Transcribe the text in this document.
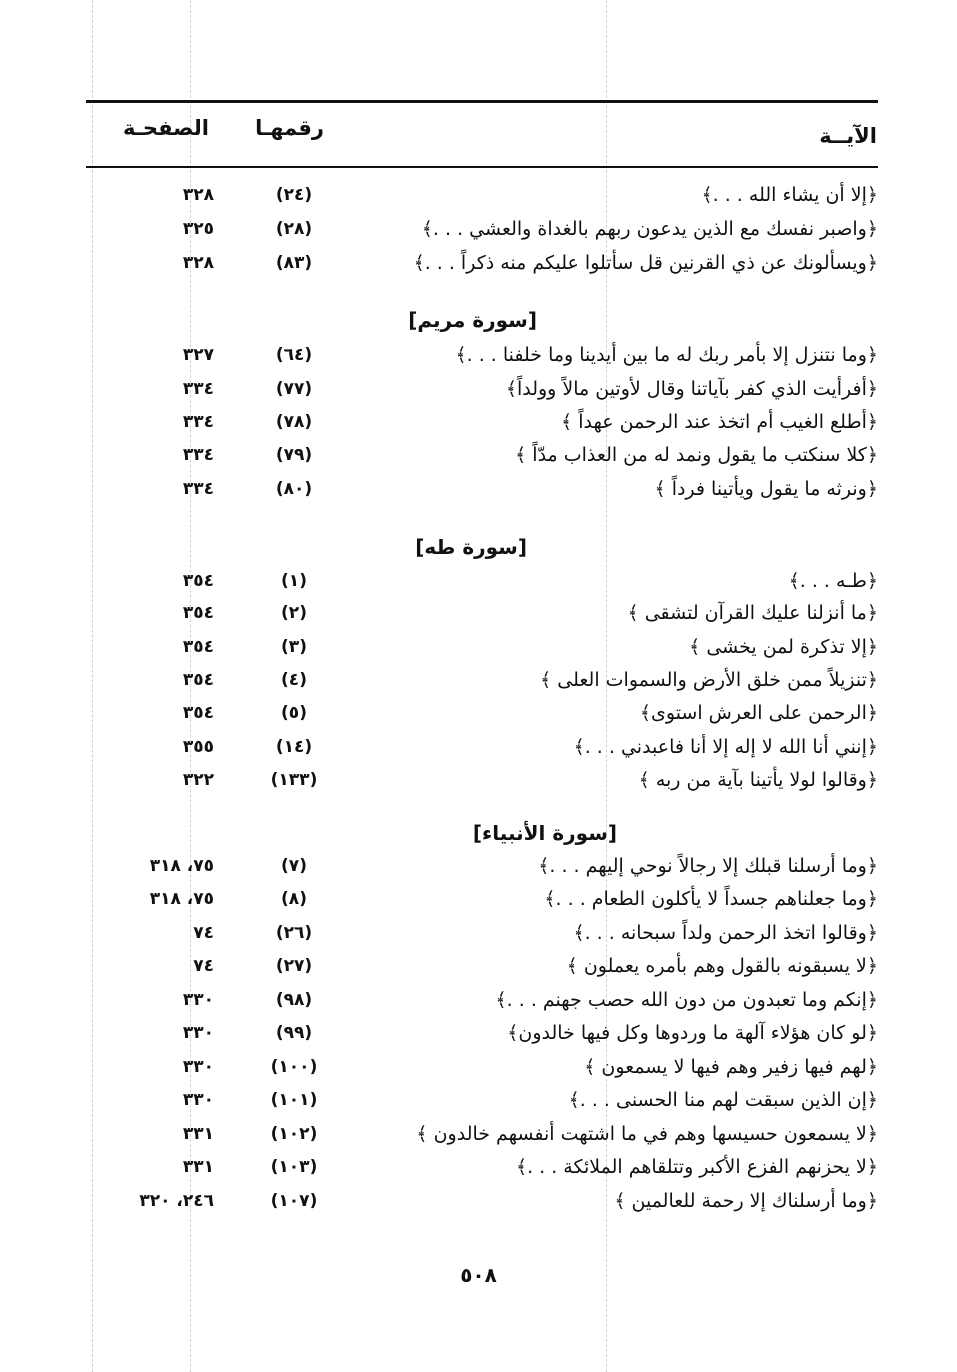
الآيــة
رقمهـا
الصفحـة
﴿إلا أن يشاء الله . . .﴾
(٢٤)
٣٢٨
﴿واصبر نفسك مع الذين يدعون ربهم بالغداة والعشي . . .﴾
(٢٨)
٣٢٥
﴿ويسألونك عن ذي القرنين قل سأتلوا عليكم منه ذكراً . . .﴾
(٨٣)
٣٢٨
[سورة مريم]
﴿وما نتنزل إلا بأمر ربك له ما بين أيدينا وما خلفنا . . .﴾
(٦٤)
٣٢٧
﴿أفرأيت الذي كفر بآياتنا وقال لأوتين مالاً وولداً﴾
(٧٧)
٣٣٤
﴿أطلع الغيب أم اتخذ عند الرحمن عهداً ﴾
(٧٨)
٣٣٤
﴿كلا سنكتب ما يقول ونمد له من العذاب مدّاً ﴾
(٧٩)
٣٣٤
﴿ونرثه ما يقول ويأتينا فرداً ﴾
(٨٠)
٣٣٤
[سورة طه]
﴿طـه . . .﴾
(١)
٣٥٤
﴿ما أنزلنا عليك القرآن لتشقى ﴾
(٢)
٣٥٤
﴿إلا تذكرة لمن يخشى ﴾
(٣)
٣٥٤
﴿تنزيلاً ممن خلق الأرض والسموات العلى ﴾
(٤)
٣٥٤
﴿الرحمن على العرش استوى﴾
(٥)
٣٥٤
﴿إنني أنا الله لا إله إلا أنا فاعبدني . . .﴾
(١٤)
٣٥٥
﴿وقالوا لولا يأتينا بآية من ربه ﴾
(١٣٣)
٣٢٢
[سورة الأنبياء]
﴿وما أرسلنا قبلك إلا رجالاً نوحي إليهم . . .﴾
(٧)
٧٥، ٣١٨
﴿وما جعلناهم جسداً لا يأكلون الطعام . . .﴾
(٨)
٧٥، ٣١٨
﴿وقالوا اتخذ الرحمن ولداً سبحانه . . .﴾
(٢٦)
٧٤
﴿لا يسبقونه بالقول وهم بأمره يعملون ﴾
(٢٧)
٧٤
﴿إنكم وما تعبدون من دون الله حصب جهنم . . .﴾
(٩٨)
٣٣٠
﴿لو كان هؤلاء آلهة ما وردوها وكل فيها خالدون﴾
(٩٩)
٣٣٠
﴿لهم فيها زفير وهم فيها لا يسمعون ﴾
(١٠٠)
٣٣٠
﴿إن الذين سبقت لهم منا الحسنى . . .﴾
(١٠١)
٣٣٠
﴿لا يسمعون حسيسها وهم في ما اشتهت أنفسهم خالدون ﴾
(١٠٢)
٣٣١
﴿لا يحزنهم الفزع الأكبر وتتلقاهم الملائكة . . .﴾
(١٠٣)
٣٣١
﴿وما أرسلناك إلا رحمة للعالمين ﴾
(١٠٧)
٢٤٦، ٣٢٠
٥٠٨
